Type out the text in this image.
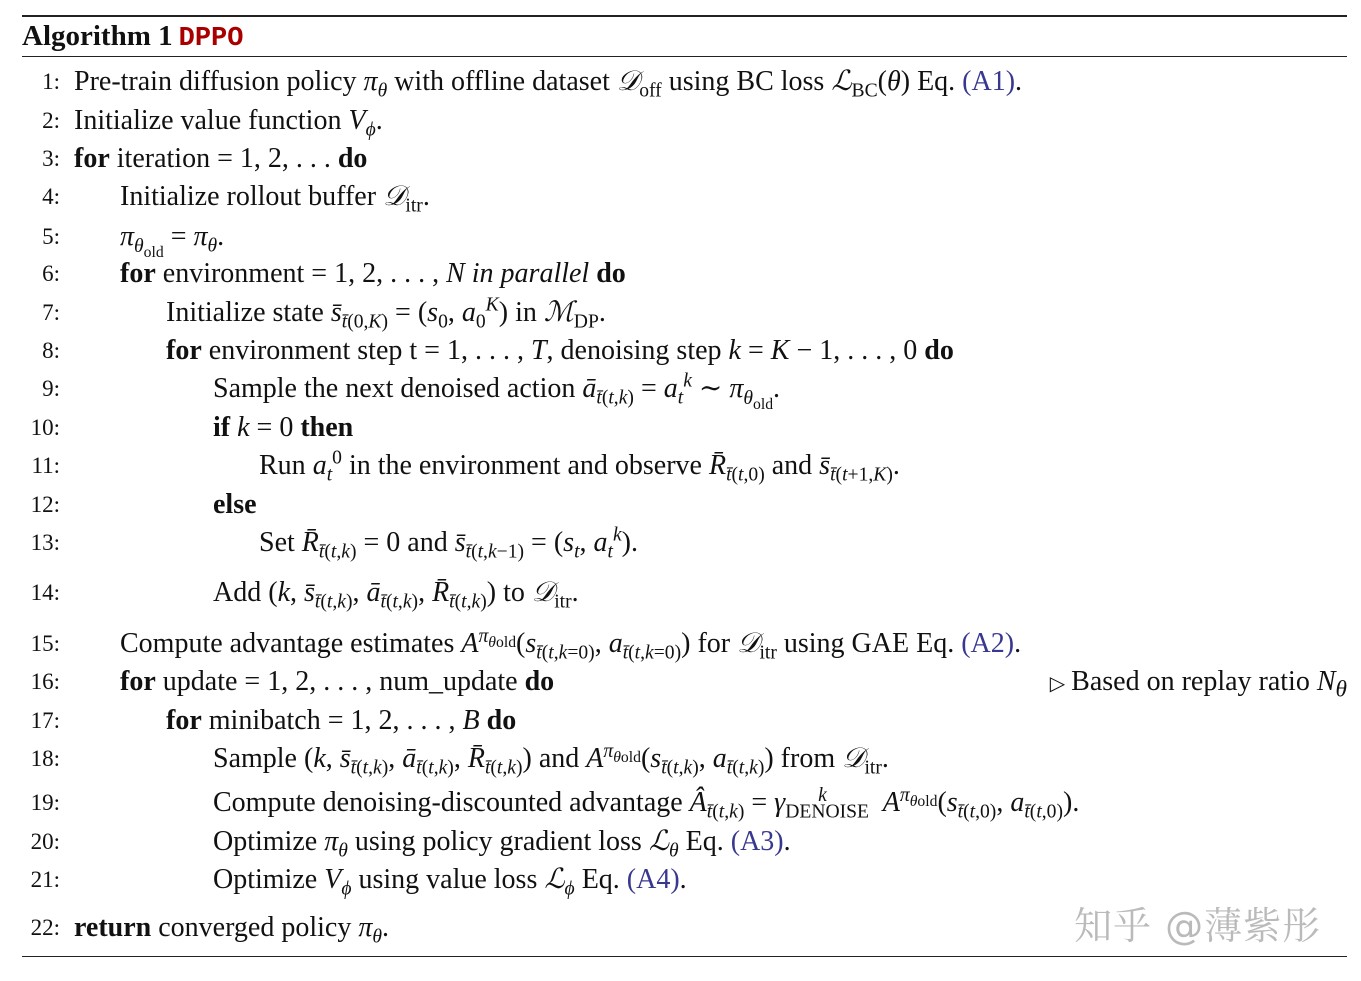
Algorithm 1 DPPO
1: Pre-train diffusion policy $\pi_\theta$ with offline dataset 𝒟$_{off}$ using BC loss ℒ$_{BC}$(θ) Eq. (A1).
2: Initialize value function $V_\phi$.
3: for iteration = 1, 2, . . . do
4: Initialize rollout buffer 𝒟$_{itr}$.
5: $\pi_{\theta_{old}} = \pi_\theta$.
6: for environment = 1, 2, . . . , N in parallel do
7:	Initialize state $s̄_{t̄(0,K)} = (s_0$, $a_0^K$) in ℳ$_{DP}$.
8:	for environment step t = 1, . . . , T, denoising step k = K − 1, . . . , 0 do
9:	Sample the next denoised action $ā_{t̄(t,k)} = a_t^k$ ∼ $\pi_{\theta_{old}}$.
10:	if k = 0 then
11:	Run $a_t^0$ in the environment and observe $R̄_{t̄(t,0)}$ and $s̄_{t̄(t+1,K)}$.
12:	else
13:	Set $R̄_{t̄(t,k)} = 0$ and $s̄_{t̄(t,k-1)} = (s_t$, $a_t^k$).
14:	Add (k, $s̄_{t̄(t,k)}$, $ā_{t̄(t,k)}$, $R̄_{t̄(t,k)}$) to 𝒟$_{itr}$.
15: Compute advantage estimates $A^{\pi_{\theta old}}(s_{t̄(t,k=0)}$, $a_{t̄(t,k=0)}$) for 𝒟$_{itr}$ using GAE Eq. (A2).
16: for update = 1, 2, . . . , num_update do	▷ Based on replay ratio $N_\theta$
17:	for minibatch = 1, 2, . . . , B do
18:	Sample (k, $s̄_{t̄(t,k)}$, $ā_{t̄(t,k)}$, $R̄_{t̄(t,k)}$) and $A^{\pi_{\theta old}}(s_{t̄(t,k)}$, $a_{t̄(t,k)}$) from 𝒟$_{itr}$.
19:	Compute denoising-discounted advantage $Â_{t̄(t,k)} = \gamma_{DENOISE}^k$ $A^{\pi_{\theta old}}(s_{t̄(t,0)}$, $a_{t̄(t,0)}$).
20:	Optimize $\pi_\theta$ using policy gradient loss ℒ$_\theta$ Eq. (A3).
21:	Optimize $V_\phi$ using value loss ℒ$_\phi$ Eq. (A4).
22: return converged policy $\pi_\theta$.	知乎 @薄紫彤
